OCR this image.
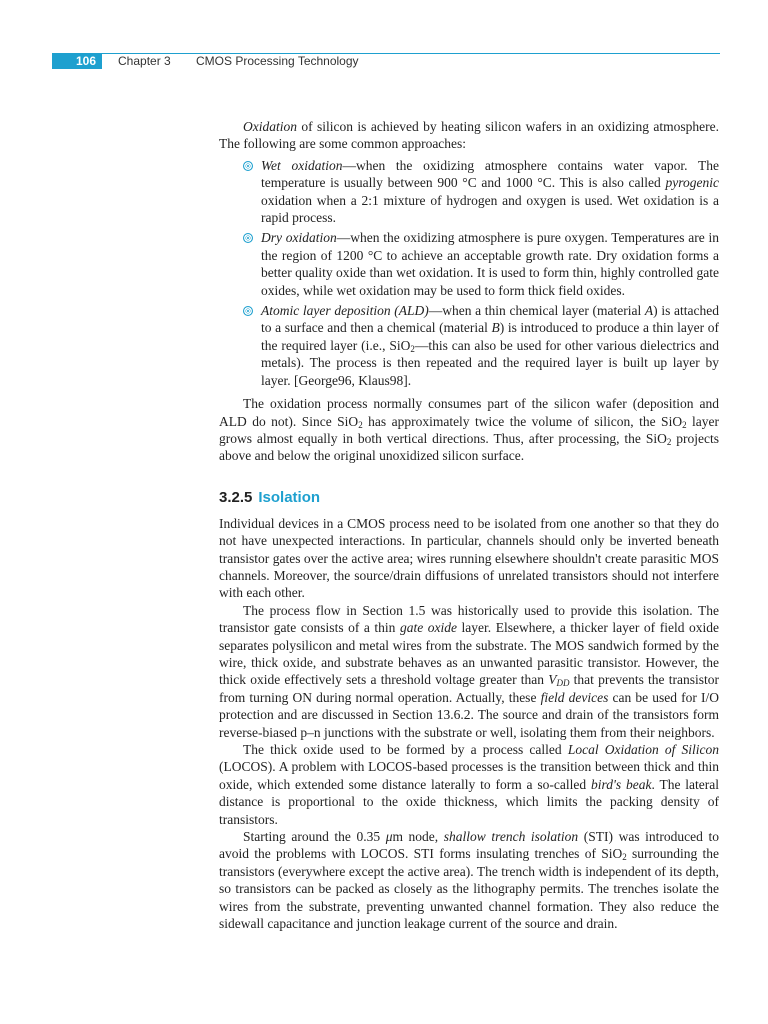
106	Chapter 3 CMOS Processing Technology

Oxidation of silicon is achieved by heating silicon wafers in an oxidizing atmosphere. The following are some common approaches:

Wet oxidation—when the oxidizing atmosphere contains water vapor. The temperature is usually between 900 °C and 1000 °C. This is also called pyrogenic oxidation when a 2:1 mixture of hydrogen and oxygen is used. Wet oxidation is a rapid process.
Dry oxidation—when the oxidizing atmosphere is pure oxygen. Temperatures are in the region of 1200 °C to achieve an acceptable growth rate. Dry oxidation forms a better quality oxide than wet oxidation. It is used to form thin, highly controlled gate oxides, while wet oxidation may be used to form thick field oxides.
Atomic layer deposition (ALD)—when a thin chemical layer (material A) is attached to a surface and then a chemical (material B) is introduced to produce a thin layer of the required layer (i.e., SiO$_2$—this can also be used for other various dielectrics and metals). The process is then repeated and the required layer is built up layer by layer. [George96, Klaus98].

The oxidation process normally consumes part of the silicon wafer (deposition and ALD do not). Since SiO$_2$ has approximately twice the volume of silicon, the SiO$_2$ layer grows almost equally in both vertical directions. Thus, after processing, the SiO$_2$ projects above and below the original unoxidized silicon surface.

3.2.5 Isolation

Individual devices in a CMOS process need to be isolated from one another so that they do not have unexpected interactions. In particular, channels should only be inverted beneath transistor gates over the active area; wires running elsewhere shouldn't create parasitic MOS channels. Moreover, the source/drain diffusions of unrelated transistors should not interfere with each other.

The process flow in Section 1.5 was historically used to provide this isolation. The transistor gate consists of a thin gate oxide layer. Elsewhere, a thicker layer of field oxide separates polysilicon and metal wires from the substrate. The MOS sandwich formed by the wire, thick oxide, and substrate behaves as an unwanted parasitic transistor. However, the thick oxide effectively sets a threshold voltage greater than $V_{DD}$ that prevents the transistor from turning ON during normal operation. Actually, these field devices can be used for I/O protection and are discussed in Section 13.6.2. The source and drain of the transistors form reverse-biased p–n junctions with the substrate or well, isolating them from their neighbors.

The thick oxide used to be formed by a process called Local Oxidation of Silicon (LOCOS). A problem with LOCOS-based processes is the transition between thick and thin oxide, which extended some distance laterally to form a so-called bird's beak. The lateral distance is proportional to the oxide thickness, which limits the packing density of transistors.

Starting around the 0.35 μm node, shallow trench isolation (STI) was introduced to avoid the problems with LOCOS. STI forms insulating trenches of SiO$_2$ surrounding the transistors (everywhere except the active area). The trench width is independent of its depth, so transistors can be packed as closely as the lithography permits. The trenches isolate the wires from the substrate, preventing unwanted channel formation. They also reduce the sidewall capacitance and junction leakage current of the source and drain.
